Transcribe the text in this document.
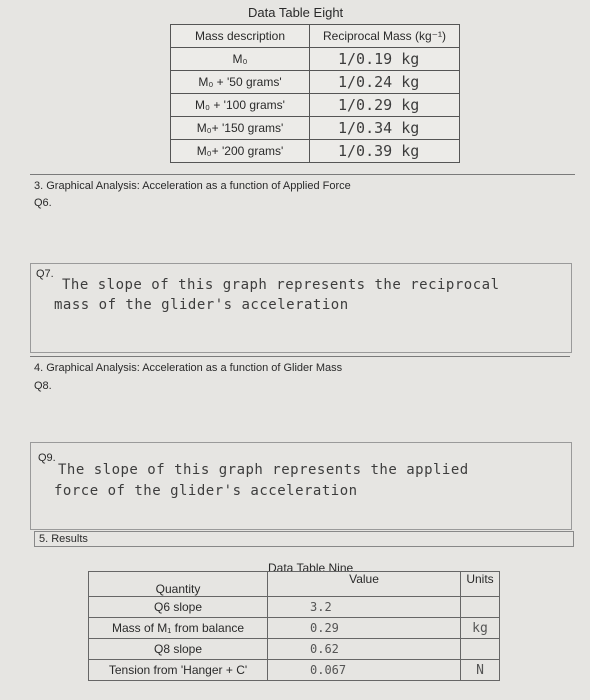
Data Table Eight
Mass description	Reciprocal Mass (kg⁻¹)
M₀	1/0.19 kg
M₀ + '50 grams'	1/0.24 kg
M₀ + '100 grams'	1/0.29 kg
M₀+ '150 grams'	1/0.34 kg
M₀+ '200 grams'	1/0.39 kg
3. Graphical Analysis: Acceleration as a function of Applied Force
Q6.
Q7.
The slope of this graph represents the reciprocal
mass of the glider's acceleration
4. Graphical Analysis: Acceleration as a function of Glider Mass
Q8.
Q9.
The slope of this graph represents the applied
force of the glider's acceleration
5. Results
Data Table Nine
Quantity	Value	Units
Q6 slope	3.2	
Mass of M₁ from balance	0.29	kg
Q8 slope	0.62	
Tension from 'Hanger + C'	0.067	N
